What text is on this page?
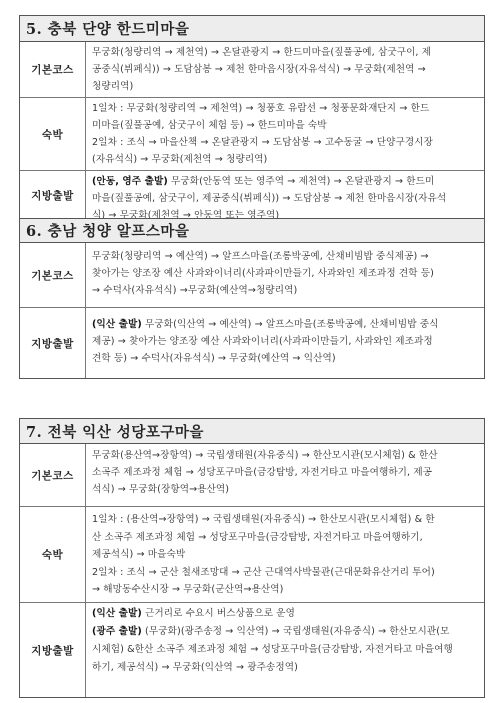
5. 충북 단양 한드미마을
기본코스
무궁화(청량리역 → 제천역) → 온달관광지 → 한드미마을(짚풀공예, 삼굿구이, 제
공중식(뷔페식)) → 도담삼봉 → 제천 한마음시장(자유석식) → 무궁화(제천역 →
청량리역)
숙박
1일차 : 무궁화(청량리역 → 제천역) → 청풍호 유람선 → 청풍문화재단지 → 한드
미마을(짚풀공예, 삼굿구이 체험 등) → 한드미마을 숙박
2일차 : 조식 → 마을산책 → 온달관광지 → 도담삼봉 → 고수동굴 → 단양구경시장
(자유석식) → 무궁화(제천역 → 청량리역)
지방출발
(안동, 영주 출발) 무궁화(안동역 또는 영주역 → 제천역) → 온달관광지 → 한드미
마을(짚풀공예, 삼굿구이, 제공중식(뷔페식)) → 도담삼봉 → 제천 한마음시장(자유석
식) → 무궁화(제천역 → 안동역 또는 영주역)
6. 충남 청양 알프스마을
기본코스
무궁화(청량리역 → 예산역) → 알프스마을(조롱박공예, 산채비빔밥 중식제공) →
찾아가는 양조장 예산 사과와이너리(사과파이만들기, 사과와인 제조과정 견학 등)
→ 수덕사(자유석식) →무궁화(예산역→청량리역)
지방출발
(익산 출발) 무궁화(익산역 → 예산역) → 알프스마을(조롱박공예, 산채비빔밥 중식
제공) → 찾아가는 양조장 예산 사과와이너리(사과파이만들기, 사과와인 제조과정
견학 등) → 수덕사(자유석식) → 무궁화(예산역 → 익산역)
7. 전북 익산 성당포구마을
기본코스
무궁화(용산역→장항역) → 국립생태원(자유중식) → 한산모시관(모시체험) & 한산
소곡주 제조과정 체험 → 성당포구마을(금강탐방, 자전거타고 마을여행하기, 제공
석식) → 무궁화(장항역→용산역)
숙박
1일차 : (용산역→장항역) → 국립생태원(자유중식) → 한산모시관(모시체험) & 한
산 소곡주 제조과정 체험 → 성당포구마을(금강탐방, 자전거타고 마을여행하기,
제공석식) → 마을숙박
2일차 : 조식 → 군산 철새조망대 → 군산 근대역사박물관(근대문화유산거리 투어)
→ 해망동수산시장 → 무궁화(군산역→용산역)
지방출발
(익산 출발) 근거리로 수요시 버스상품으로 운영
(광주 출발) (무궁화)(광주송정 → 익산역) → 국립생태원(자유중식) → 한산모시관(모
시체험) &한산 소곡주 제조과정 체험 → 성당포구마을(금강탐방, 자전거타고 마을여행
하기, 제공석식) → 무궁화(익산역 → 광주송정역)
